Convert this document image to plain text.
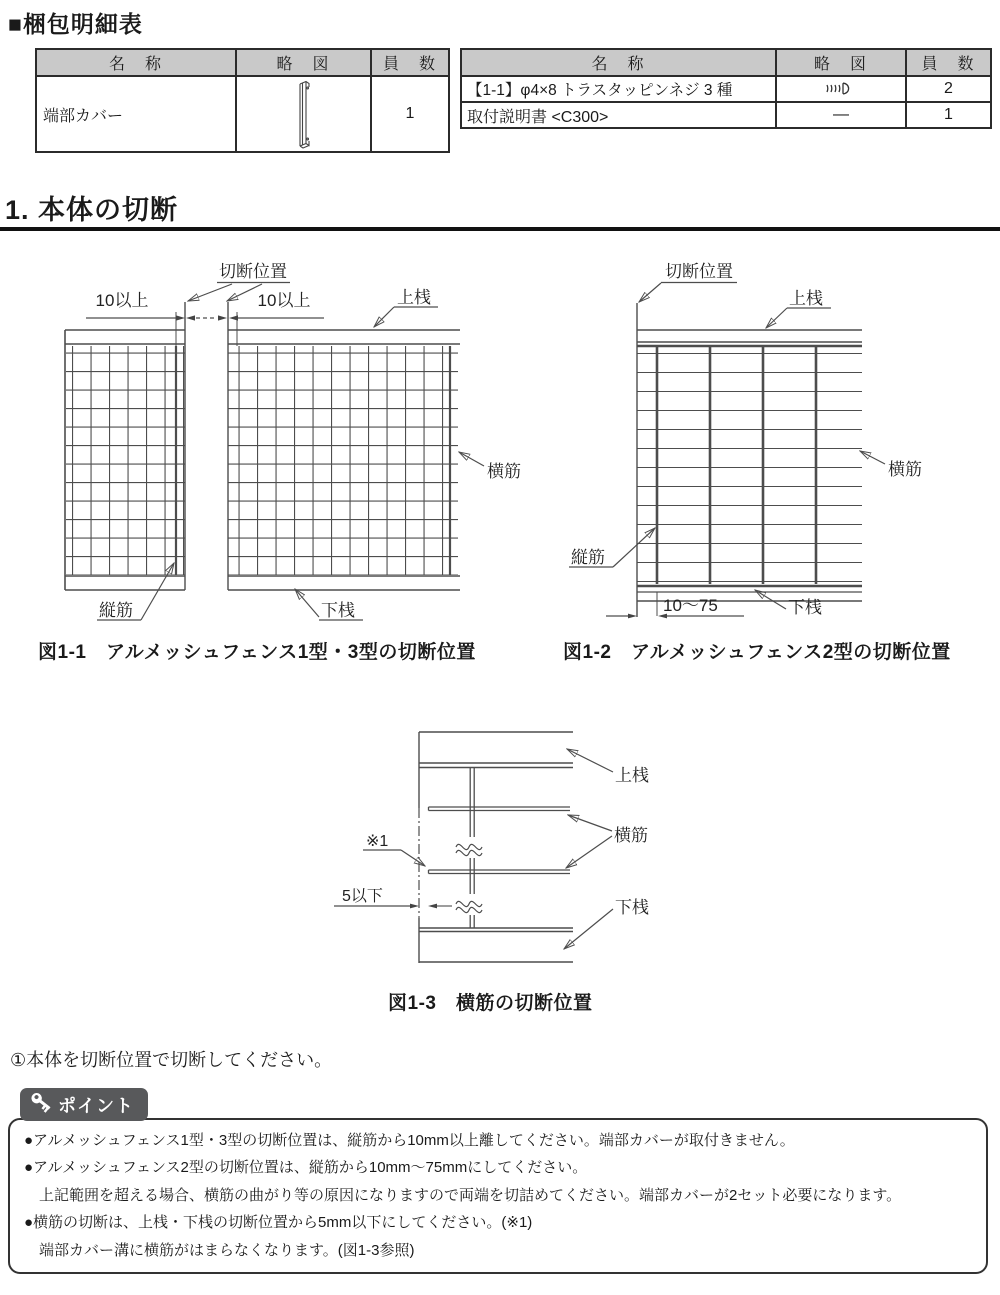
■梱包明細表
名　称	略　図	員　数
端部カバー		1
名　称	略　図	員　数
【1-1】φ4×8 トラスタッピンネジ 3 種		2
取付説明書 <C300>	—	1
1. 本体の切断
10以上	10以上
切断位置
上桟
横筋
縦筋	下桟
図1-1　アルメッシュフェンス1型・3型の切断位置
切断位置
上桟
横筋
縦筋
10〜75	下桟
図1-2　アルメッシュフェンス2型の切断位置
※1
5以下
上桟
横筋
下桟
図1-3　横筋の切断位置
①本体を切断位置で切断してください。
ポイント
●アルメッシュフェンス1型・3型の切断位置は、縦筋から10mm以上離してください。端部カバーが取付きません。
●アルメッシュフェンス2型の切断位置は、縦筋から10mm〜75mmにしてください。
上記範囲を超える場合、横筋の曲がり等の原因になりますので両端を切詰めてください。端部カバーが2セット必要になります。
●横筋の切断は、上桟・下桟の切断位置から5mm以下にしてください。(※1)
端部カバー溝に横筋がはまらなくなります。(図1-3参照)
